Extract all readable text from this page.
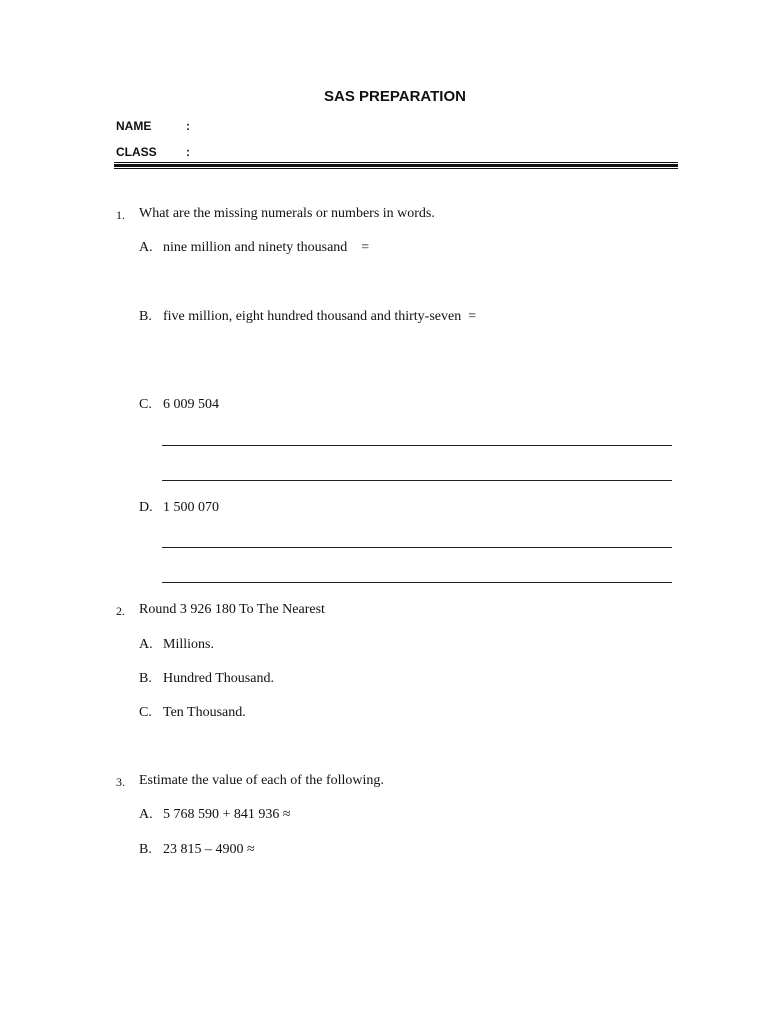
SAS PREPARATION
NAME	:
CLASS :
1. What are the missing numerals or numbers in words.
A. nine million and ninety thousand    =
B. five million, eight hundred thousand and thirty-seven  =
C. 6 009 504
D. 1 500 070
2. Round 3 926 180 To The Nearest
A. Millions.
B. Hundred Thousand.
C. Ten Thousand.
3. Estimate the value of each of the following.
A. 5 768 590 + 841 936 ≈
B. 23 815 – 4900 ≈
